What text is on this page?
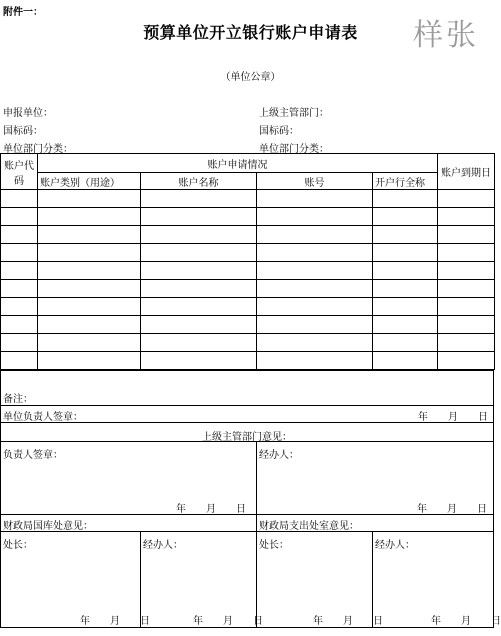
附件一：
预算单位开立银行账户申请表	样张
（单位公章）
申报单位：	上级主管部门：
国标码：	国标码：
单位部门分类：	单位部门分类：
账户代码	账户申请情况				账户到期日
	账户类别（用途）	账户名称	账号	开户行全称	

备注：
单位负责人签章：	年　　月　　日
上级主管部门意见：
负责人签章：	经办人：
年　　月　　日	年　　月　　日
财政局国库处意见：	财政局支出处室意见：
处长：	经办人：	处长：	经办人：
年　　月　　日	年　　月　　日	年　　月　　日	年　　月　　日
